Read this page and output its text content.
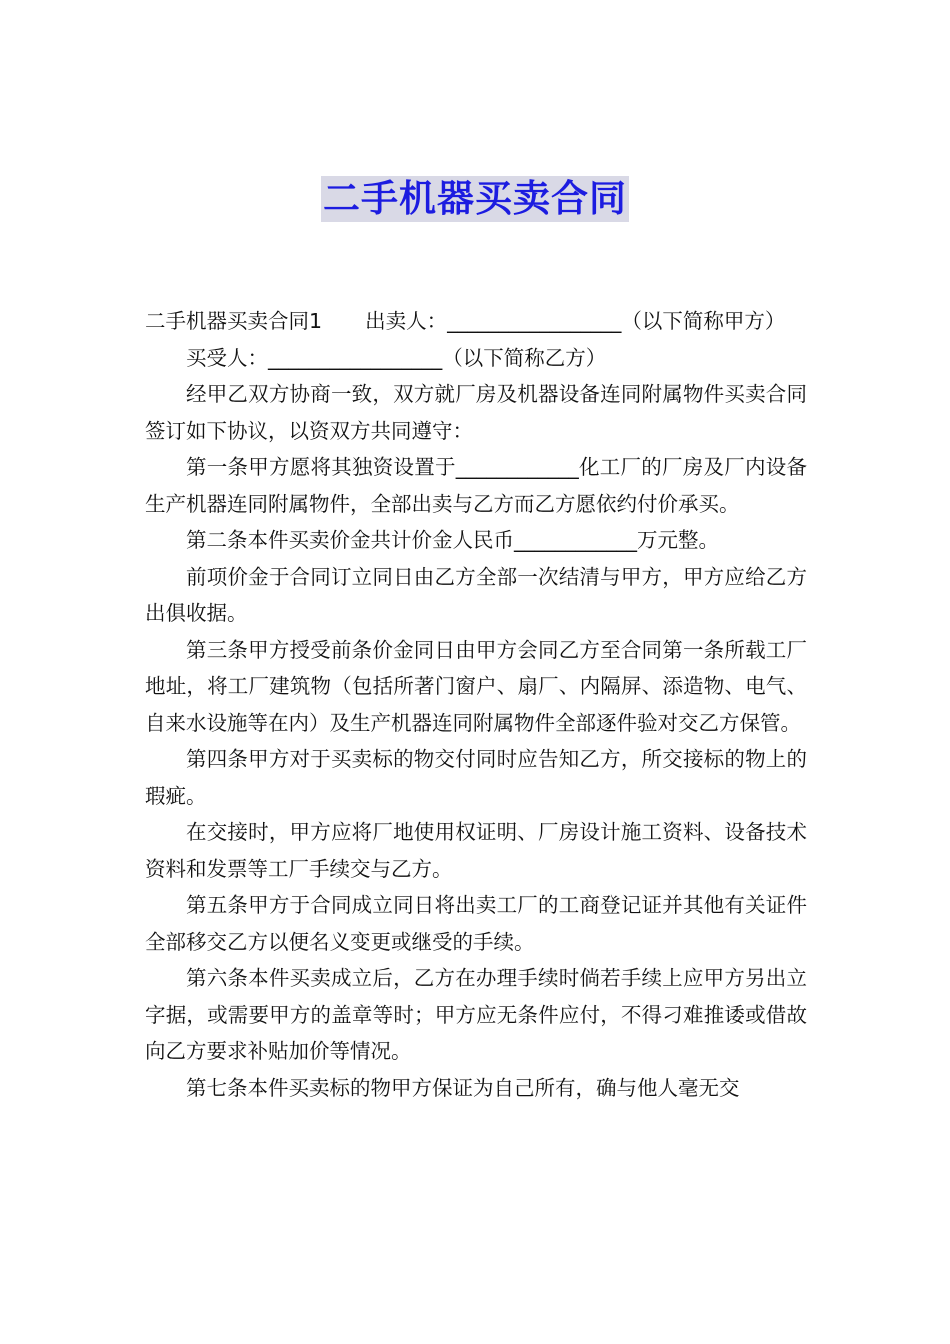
二手机器买卖合同

二手机器买卖合同1 出卖人：_________________（以下简称甲方）

买受人：_________________（以下简称乙方）

经甲乙双方协商一致，双方就厂房及机器设备连同附属物件买卖合同签订如下协议，以资双方共同遵守：

第一条甲方愿将其独资设置于____________化工厂的厂房及厂内设备生产机器连同附属物件，全部出卖与乙方而乙方愿依约付价承买。

第二条本件买卖价金共计价金人民币____________万元整。

前项价金于合同订立同日由乙方全部一次结清与甲方，甲方应给乙方出俱收据。

第三条甲方授受前条价金同日由甲方会同乙方至合同第一条所载工厂地址，将工厂建筑物（包括所著门窗户、扇厂、内隔屏、添造物、电气、自来水设施等在内）及生产机器连同附属物件全部逐件验对交乙方保管。

第四条甲方对于买卖标的物交付同时应告知乙方，所交接标的物上的瑕疵。

在交接时，甲方应将厂地使用权证明、厂房设计施工资料、设备技术资料和发票等工厂手续交与乙方。

第五条甲方于合同成立同日将出卖工厂的工商登记证并其他有关证件全部移交乙方以便名义变更或继受的手续。

第六条本件买卖成立后，乙方在办理手续时倘若手续上应甲方另出立字据，或需要甲方的盖章等时；甲方应无条件应付，不得刁难推诿或借故向乙方要求补贴加价等情况。

第七条本件买卖标的物甲方保证为自己所有，确与他人毫无交
